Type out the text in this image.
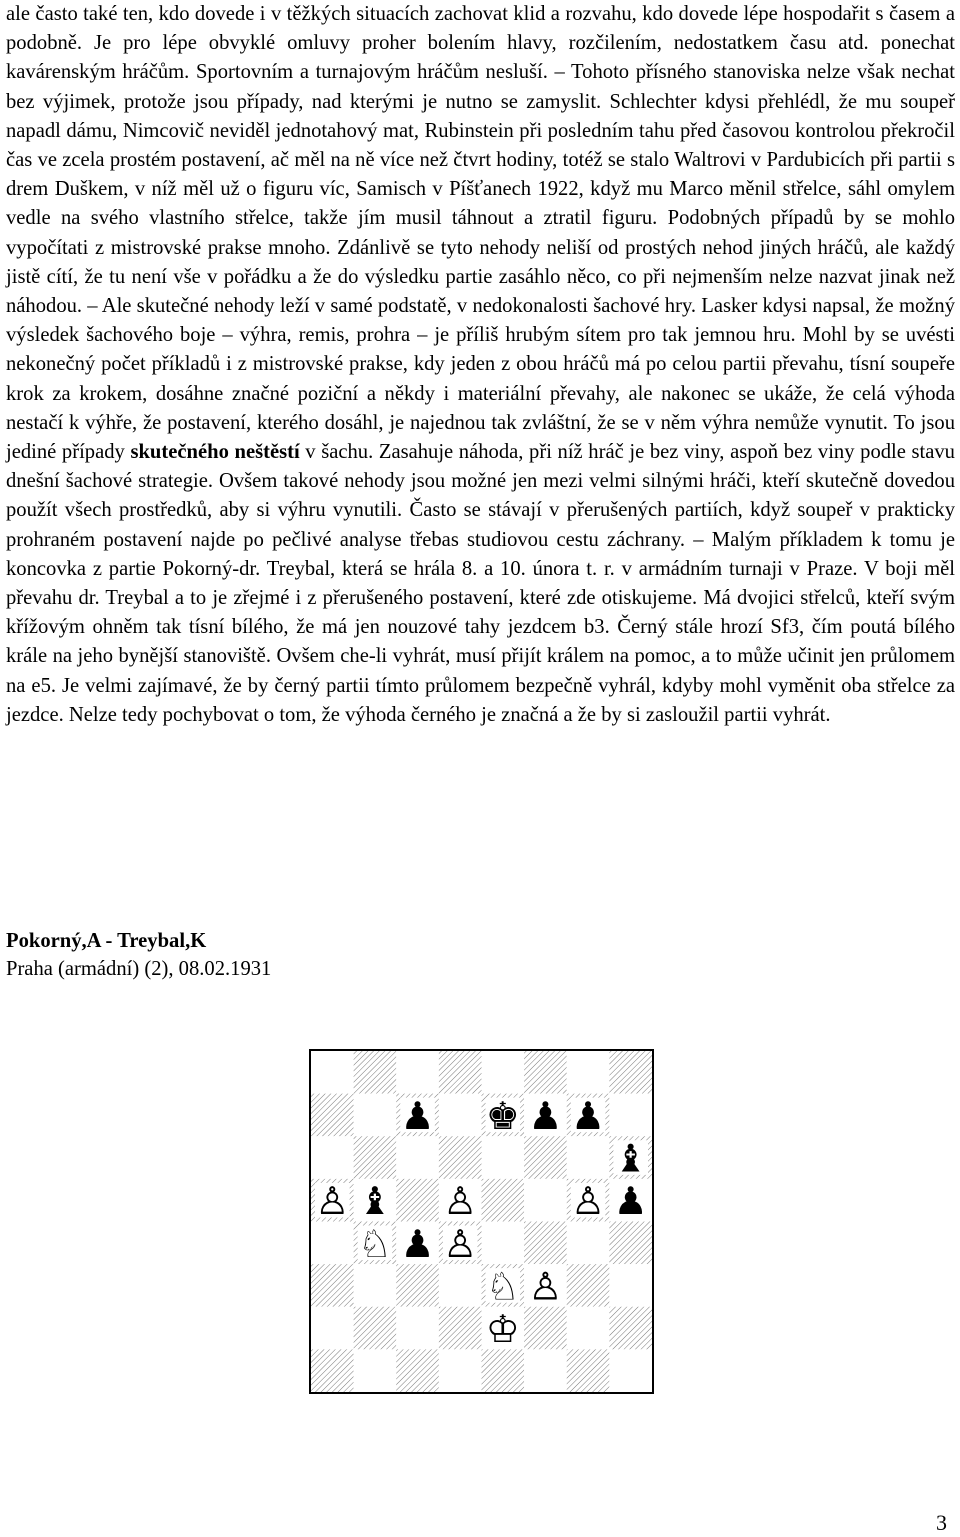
ale často také ten, kdo dovede i v těžkých situacích zachovat klid a rozvahu, kdo dovede lépe hospodařit s časem a podobně. Je pro lépe obvyklé omluvy proher bolením hlavy, rozčilením, nedostatkem času atd. ponechat kavárenským hráčům. Sportovním a turnajovým hráčům nesluší. – Tohoto přísného stanoviska nelze však nechat bez výjimek, protože jsou případy, nad kterými je nutno se zamyslit. Schlechter kdysi přehlédl, že mu soupeř napadl dámu, Nimcovič neviděl jednotahový mat, Rubinstein při posledním tahu před časovou kontrolou překročil čas ve zcela prostém postavení, ač měl na ně více než čtvrt hodiny, totéž se stalo Waltrovi v Pardubicích při partii s drem Duškem, v níž měl už o figuru víc, Samisch v Píšťanech 1922, když mu Marco měnil střelce, sáhl omylem vedle na svého vlastního střelce, takže jím musil táhnout a ztratil figuru. Podobných případů by se mohlo vypočítati z mistrovské prakse mnoho. Zdánlivě se tyto nehody neliší od prostých nehod jiných hráčů, ale každý jistě cítí, že tu není vše v pořádku a že do výsledku partie zasáhlo něco, co při nejmenším nelze nazvat jinak než náhodou. – Ale skutečné nehody leží v samé podstatě, v nedokonalosti šachové hry. Lasker kdysi napsal, že možný výsledek šachového boje – výhra, remis, prohra – je příliš hrubým sítem pro tak jemnou hru. Mohl by se uvésti nekonečný počet příkladů i z mistrovské prakse, kdy jeden z obou hráčů má po celou partii převahu, tísní soupeře krok za krokem, dosáhne značné poziční a někdy i materiální převahy, ale nakonec se ukáže, že celá výhoda nestačí k výhře, že postavení, kterého dosáhl, je najednou tak zvláštní, že se v něm výhra nemůže vynutit. To jsou jediné případy skutečného neštěstí v šachu. Zasahuje náhoda, při níž hráč je bez viny, aspoň bez viny podle stavu dnešní šachové strategie. Ovšem takové nehody jsou možné jen mezi velmi silnými hráči, kteří skutečně dovedou použít všech prostředků, aby si výhru vynutili. Často se stávají v přerušených partiích, když soupeř v prakticky prohraném postavení najde po pečlivé analyse třebas studiovou cestu záchrany. – Malým příkladem k tomu je koncovka z partie Pokorný-dr. Treybal, která se hrála 8. a 10. února t. r. v armádním turnaji v Praze. V boji měl převahu dr. Treybal a to je zřejmé i z přerušeného postavení, které zde otiskujeme. Má dvojici střelců, kteří svým křížovým ohněm tak tísní bílého, že má jen nouzové tahy jezdcem b3. Černý stále hrozí Sf3, čím poutá bílého krále na jeho bynější stanoviště. Ovšem che-li vyhrát, musí přijít králem na pomoc, a to může učinit jen průlomem na e5. Je velmi zajímavé, že by černý partii tímto průlomem bezpečně vyhrál, kdyby mohl vyměnit oba střelce za jezdce. Nelze tedy pochybovat o tom, že výhoda černého je značná a že by si zasloužil partii vyhrát.

Pokorný,A - Treybal,K
Praha (armádní) (2), 08.02.1931
♚
♟ ♟ ♟
♝
♝	♟
♙ ♙ ♙
♘ ♟ ♙
♘ ♙
♔
3
